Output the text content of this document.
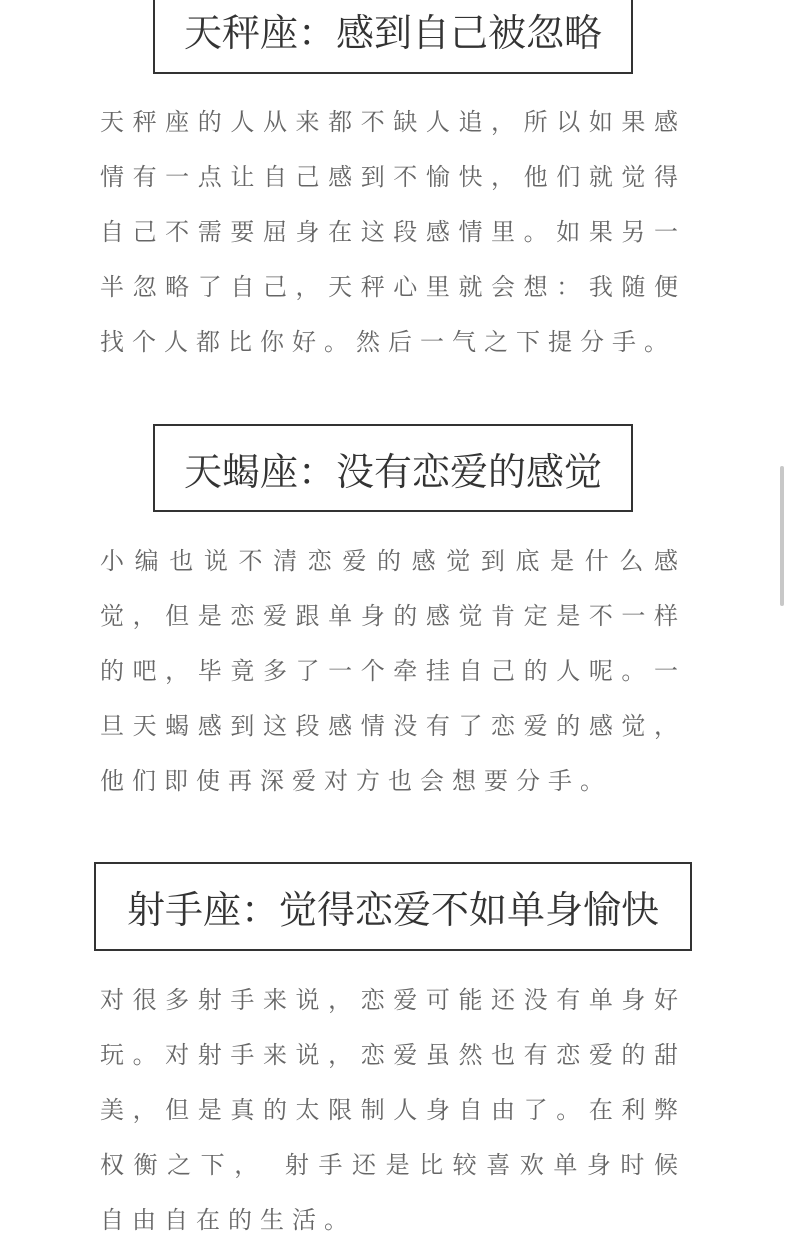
天秤座：感到自己被忽略

天秤座的人从来都不缺人追，所以如果感情有一点让自己感到不愉快，他们就觉得自己不需要屈身在这段感情里。如果另一半忽略了自己，天秤心里就会想：我随便找个人都比你好。然后一气之下提分手。

天蝎座：没有恋爱的感觉

小编也说不清恋爱的感觉到底是什么感觉，但是恋爱跟单身的感觉肯定是不一样的吧，毕竟多了一个牵挂自己的人呢。一旦天蝎感到这段感情没有了恋爱的感觉，他们即使再深爱对方也会想要分手。

射手座：觉得恋爱不如单身愉快

对很多射手来说，恋爱可能还没有单身好玩。对射手来说，恋爱虽然也有恋爱的甜美，但是真的太限制人身自由了。在利弊权衡之下， 射手还是比较喜欢单身时候自由自在的生活。
